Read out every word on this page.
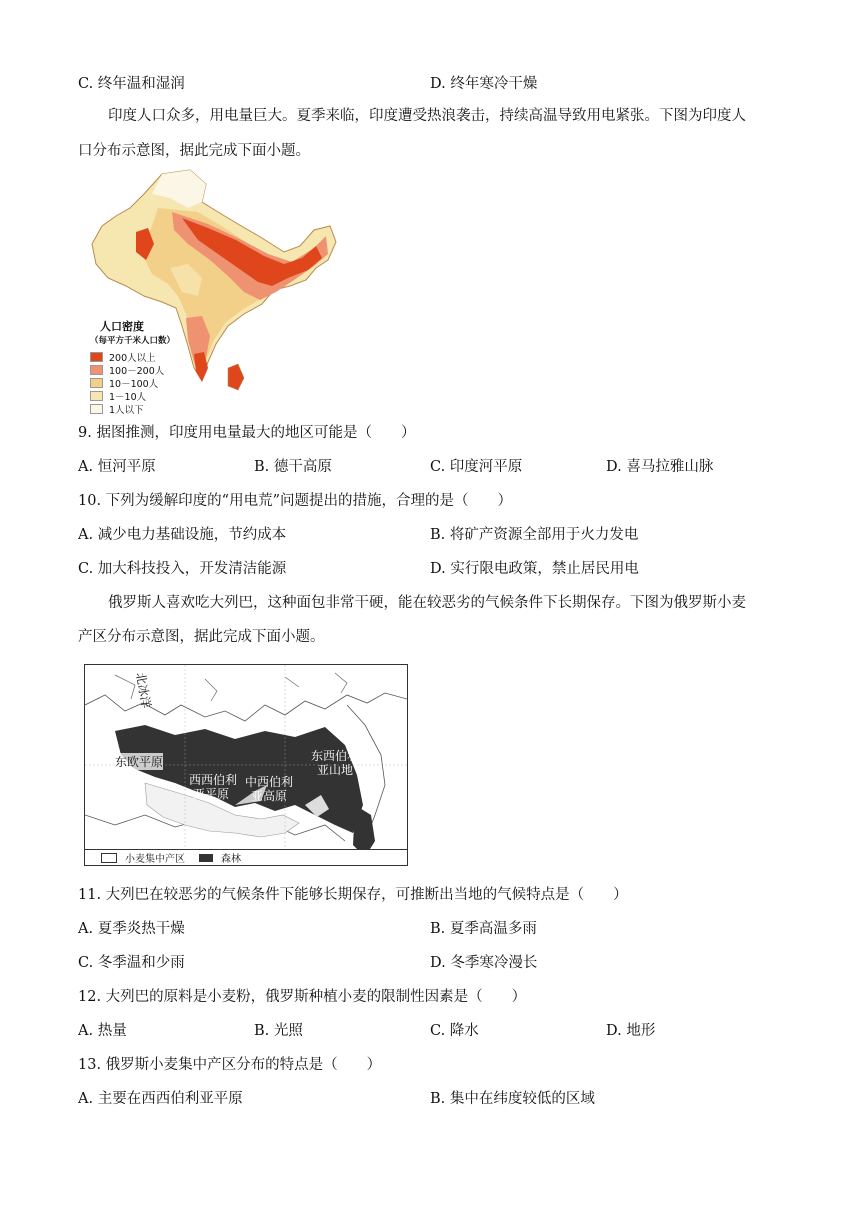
C. 终年温和湿润	D. 终年寒冷干燥
印度人口众多，用电量巨大。夏季来临，印度遭受热浪袭击，持续高温导致用电紧张。下图为印度人
口分布示意图，据此完成下面小题。
人口密度
（每平方千米人口数）
200人以上
100－200人
10－100人
1－10人
1人以下
9. 据图推测，印度用电量最大的地区可能是（　　）
A. 恒河平原	B. 德干高原	C. 印度河平原	D. 喜马拉雅山脉
10. 下列为缓解印度的“用电荒”问题提出的措施，合理的是（　　）
A. 减少电力基础设施，节约成本	B. 将矿产资源全部用于火力发电
C. 加大科技投入，开发清洁能源	D. 实行限电政策，禁止居民用电
俄罗斯人喜欢吃大列巴，这种面包非常干硬，能在较恶劣的气候条件下长期保存。下图为俄罗斯小麦
产区分布示意图，据此完成下面小题。
北冰洋
东欧平原
西西伯利
亚平原
中西伯利
亚高原
东西伯利
亚山地
小麦集中产区	森林
11. 大列巴在较恶劣的气候条件下能够长期保存，可推断出当地的气候特点是（　　）
A. 夏季炎热干燥	B. 夏季高温多雨
C. 冬季温和少雨	D. 冬季寒冷漫长
12. 大列巴的原料是小麦粉，俄罗斯种植小麦的限制性因素是（　　）
A. 热量	B. 光照	C. 降水	D. 地形
13. 俄罗斯小麦集中产区分布的特点是（　　）
A. 主要在西西伯利亚平原	B. 集中在纬度较低的区域
